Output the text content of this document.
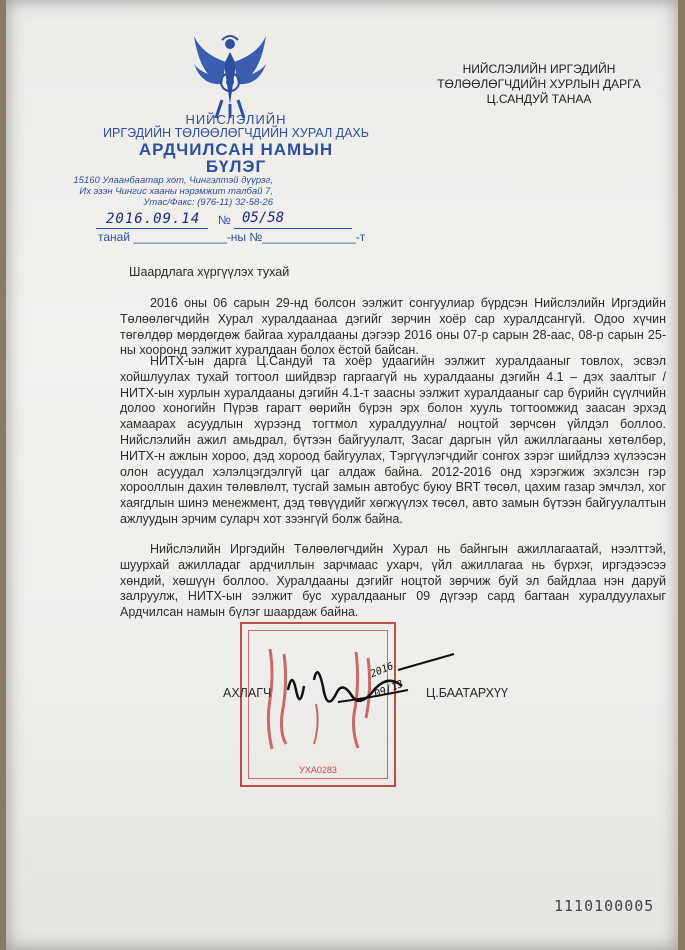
НИЙСЛЭЛИЙН
ИРГЭДИЙН ТӨЛӨӨЛӨГЧДИЙН ХУРАЛ ДАХЬ
АРДЧИЛСАН НАМЫН
БҮЛЭГ
15160 Улаанбаатар хот, Чингэлтэй дүүрэг,
Их эзэн Чингис хааны нэрэмжит талбай 7,
Утас/Факс: (976-11) 32-58-26
2016.09.14 № 05/58
танай ______________-ны №______________-т
НИЙСЛЭЛИЙН ИРГЭДИЙН
ТӨЛӨӨЛӨГЧДИЙН ХУРЛЫН ДАРГА
Ц.САНДУЙ ТАНАА
Шаардлага хүргүүлэх тухай
2016 оны 06 сарын 29-нд болсон ээлжит сонгуулиар бүрдсэн Нийслэлийн Иргэдийн Төлөөлөгчдийн Хурал хуралдаанаа дэгийг зөрчин хоёр сар хуралдсангүй. Одоо хүчин төгөлдөр мөрдөгдөж байгаа хуралдааны дэгээр 2016 оны 07-р сарын 28-аас, 08-р сарын 25-ны хооронд ээлжит хуралдаан болох ёстой байсан.
НИТХ-ын дарга Ц.Сандуй та хоёр удаагийн ээлжит хуралдааныг товлох, эсвэл хойшлуулах тухай тогтоол шийдвэр гаргаагүй нь хуралдааны дэгийн 4.1 – дэх заалтыг /НИТХ-ын хурлын хуралдааны дэгийн 4.1-т заасны ээлжит хуралдааныг сар бүрийн сүүлчийн долоо хоногийн Пүрэв гарагт өөрийн бүрэн эрх болон хууль тогтоомжид заасан эрхэд хамаарах асуудлын хүрээнд тогтмол хуралдуулна/ ноцтой зөрчсөн үйлдэл боллоо. Нийслэлийн ажил амьдрал, бүтээн байгуулалт, Засаг даргын үйл ажиллагааны хөтөлбөр, НИТХ-н ажлын хороо, дэд хороод байгуулах, Тэргүүлэгчдийг сонгох зэрэг шийдлээ хүлээсэн олон асуудал хэлэлцэгдэлгүй цаг алдаж байна. 2012-2016 онд хэрэгжиж эхэлсэн гэр хорооллын дахин төлөвлөлт, тусгай замын автобус буюу BRT төсөл, цахим газар эмчлэл, хог хаягдлын шинэ менежмент, дэд төвүүдийг хөгжүүлэх төсөл, авто замын бүтээн байгуулалтын ажлуудын эрчим суларч хот зээнгүй болж байна.
Нийслэлийн Иргэдийн Төлөөлөгчдийн Хурал нь байнгын ажиллагаатай, нээлттэй, шуурхай ажилладаг ардчиллын зарчмаас ухарч, үйл ажиллагаа нь бүрхэг, иргэдээсээ хөндий, хөшүүн боллоо. Хуралдааны дэгийг ноцтой зөрчиж буй эл байдлаа нэн даруй залруулж, НИТХ-ын ээлжит бус хуралдааныг 09 дүгээр сард багтаан хуралдуулахыг Ардчилсан намын бүлэг шаардаж байна.
УХА0283
АХЛАГЧ
2016
09/13 Ц.БААТАРХҮҮ
1110100005
